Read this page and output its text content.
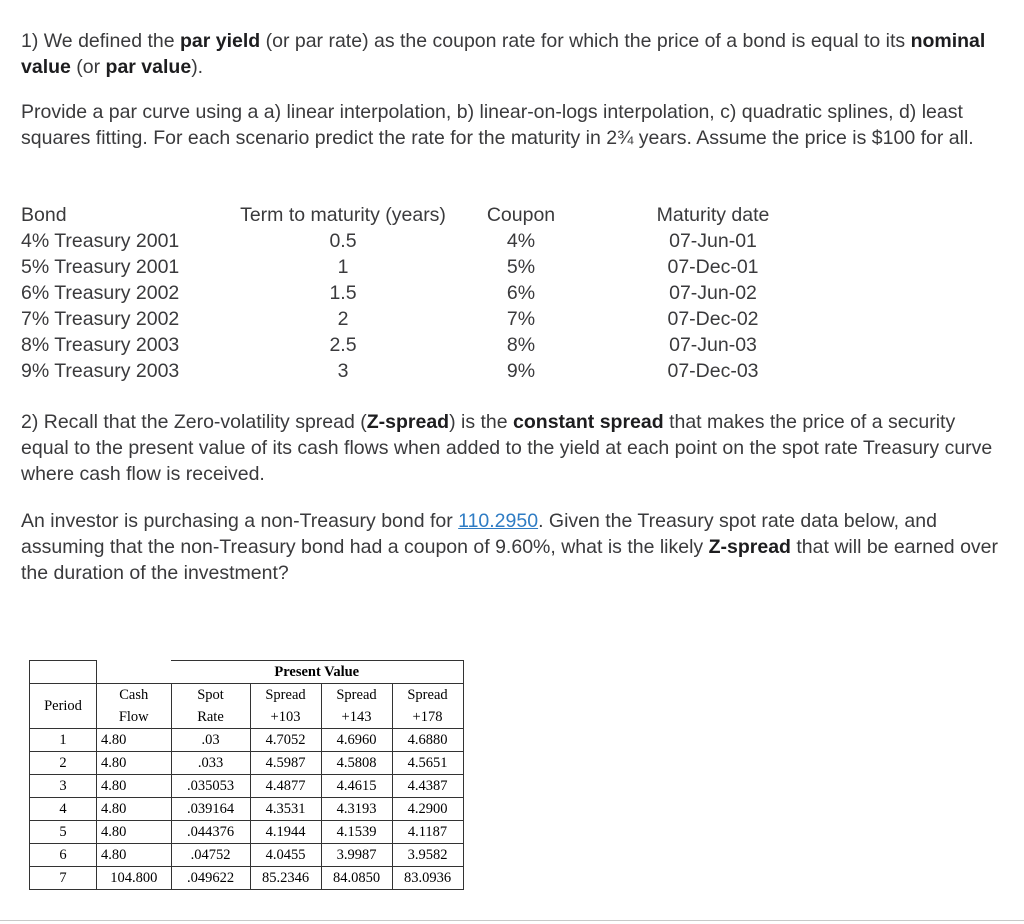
1) We defined the par yield (or par rate) as the coupon rate for which the price of a bond is equal to its nominal value (or par value).

Provide a par curve using a a) linear interpolation, b) linear-on-logs interpolation, c) quadratic splines, d) least squares fitting. For each scenario predict the rate for the maturity in 2¾ years. Assume the price is $100 for all.

Bond	Term to maturity (years)	Coupon	Maturity date
4% Treasury 2001	0.5	4%	07-Jun-01
5% Treasury 2001	1	5%	07-Dec-01
6% Treasury 2002	1.5	6%	07-Jun-02
7% Treasury 2002	2	7%	07-Dec-02
8% Treasury 2003	2.5	8%	07-Jun-03
9% Treasury 2003	3	9%	07-Dec-03

2) Recall that the Zero-volatility spread (Z-spread) is the constant spread that makes the price of a security equal to the present value of its cash flows when added to the yield at each point on the spot rate Treasury curve where cash flow is received.

An investor is purchasing a non-Treasury bond for 110.2950. Given the Treasury spot rate data below, and assuming that the non-Treasury bond had a coupon of 9.60%, what is the likely Z-spread that will be earned over the duration of the investment?

		Present Value			
Period	Cash	Spot	Spread	Spread	Spread
	Flow	Rate	+103	+143	+178
1	4.80	.03	4.7052	4.6960	4.6880
2	4.80	.033	4.5987	4.5808	4.5651
3	4.80	.035053	4.4877	4.4615	4.4387
4	4.80	.039164	4.3531	4.3193	4.2900
5	4.80	.044376	4.1944	4.1539	4.1187
6	4.80	.04752	4.0455	3.9987	3.9582
7	104.800	.049622	85.2346	84.0850	83.0936
